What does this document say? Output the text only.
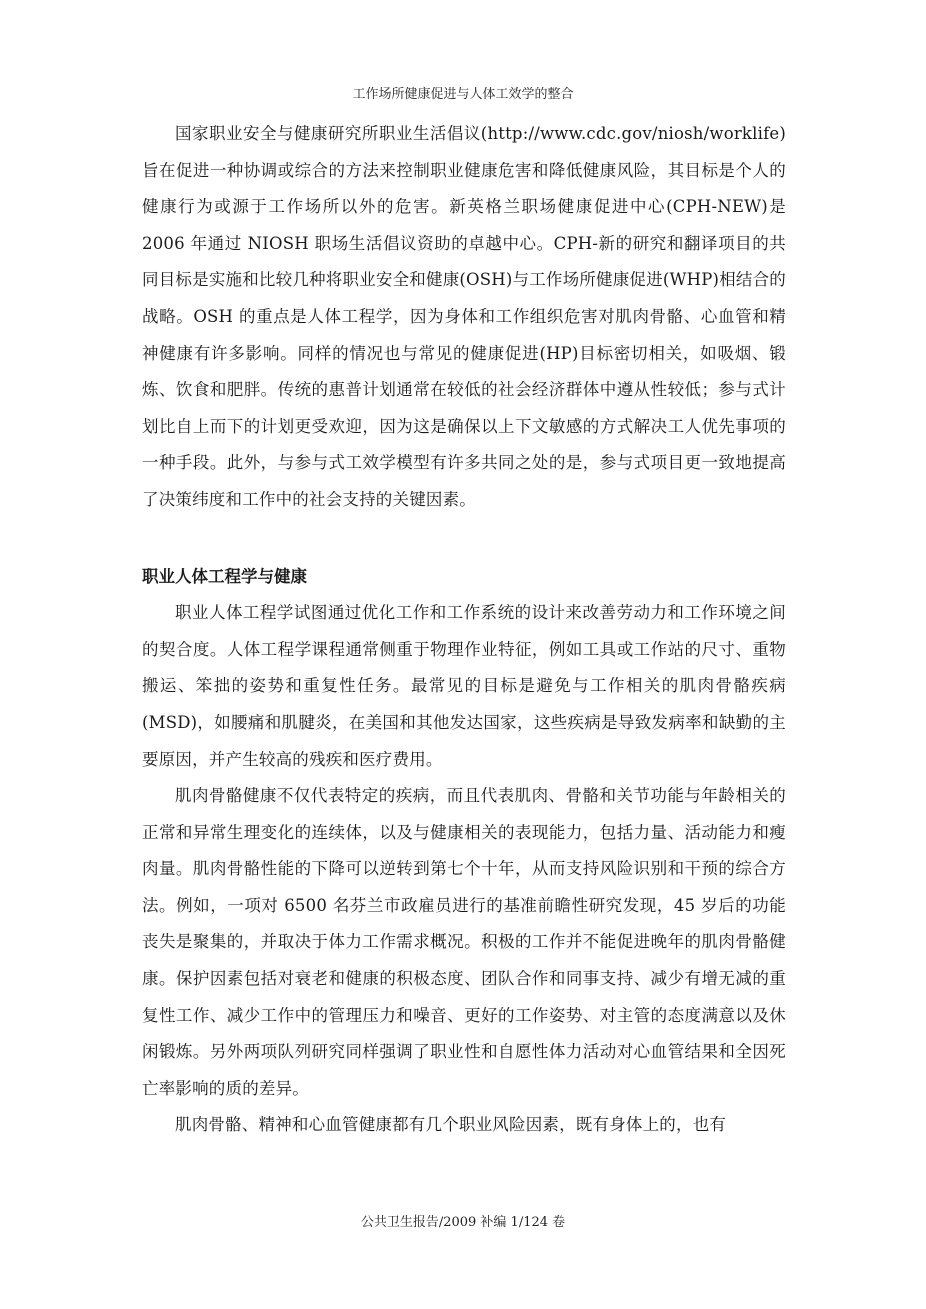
工作场所健康促进与人体工效学的整合

国家职业安全与健康研究所职业生活倡议(http://www.cdc.gov/niosh/worklife)旨在促进一种协调或综合的方法来控制职业健康危害和降低健康风险，其目标是个人的健康行为或源于工作场所以外的危害。新英格兰职场健康促进中心(CPH-NEW)是 2006 年通过 NIOSH 职场生活倡议资助的卓越中心。CPH-新的研究和翻译项目的共同目标是实施和比较几种将职业安全和健康(OSH)与工作场所健康促进(WHP)相结合的战略。OSH 的重点是人体工程学，因为身体和工作组织危害对肌肉骨骼、心血管和精神健康有许多影响。同样的情况也与常见的健康促进(HP)目标密切相关，如吸烟、锻炼、饮食和肥胖。传统的惠普计划通常在较低的社会经济群体中遵从性较低；参与式计划比自上而下的计划更受欢迎，因为这是确保以上下文敏感的方式解决工人优先事项的一种手段。此外，与参与式工效学模型有许多共同之处的是，参与式项目更一致地提高了决策纬度和工作中的社会支持的关键因素。

职业人体工程学与健康

职业人体工程学试图通过优化工作和工作系统的设计来改善劳动力和工作环境之间的契合度。人体工程学课程通常侧重于物理作业特征，例如工具或工作站的尺寸、重物搬运、笨拙的姿势和重复性任务。最常见的目标是避免与工作相关的肌肉骨骼疾病(MSD)，如腰痛和肌腱炎，在美国和其他发达国家，这些疾病是导致发病率和缺勤的主要原因，并产生较高的残疾和医疗费用。

肌肉骨骼健康不仅代表特定的疾病，而且代表肌肉、骨骼和关节功能与年龄相关的正常和异常生理变化的连续体，以及与健康相关的表现能力，包括力量、活动能力和瘦肉量。肌肉骨骼性能的下降可以逆转到第七个十年，从而支持风险识别和干预的综合方法。例如，一项对 6500 名芬兰市政雇员进行的基准前瞻性研究发现，45 岁后的功能丧失是聚集的，并取决于体力工作需求概况。积极的工作并不能促进晚年的肌肉骨骼健康。保护因素包括对衰老和健康的积极态度、团队合作和同事支持、减少有增无减的重复性工作、减少工作中的管理压力和噪音、更好的工作姿势、对主管的态度满意以及休闲锻炼。另外两项队列研究同样强调了职业性和自愿性体力活动对心血管结果和全因死亡率影响的质的差异。

肌肉骨骼、精神和心血管健康都有几个职业风险因素，既有身体上的，也有

公共卫生报告/2009 补编 1/124 卷
